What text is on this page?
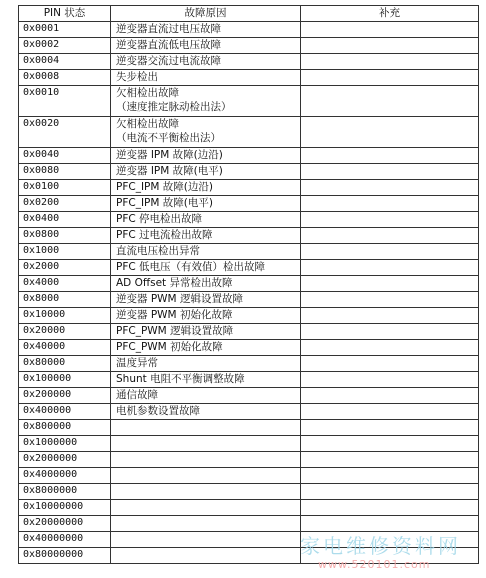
PIN 状态	故障原因	补充
0x0001	逆变器直流过电压故障	

0x0002	逆变器直流低电压故障	

0x0004	逆变器交流过电流故障	

0x0008	失步检出	

0x0010	欠相检出故障
（速度推定脉动检出法）	

0x0020	欠相检出故障
（电流不平衡检出法）	

0x0040	逆变器 IPM 故障(边沿)	

0x0080	逆变器 IPM 故障(电平)	

0x0100	PFC_IPM 故障(边沿)	

0x0200	PFC_IPM 故障(电平)	

0x0400	PFC 停电检出故障	

0x0800	PFC 过电流检出故障	

0x1000	直流电压检出异常	

0x2000	PFC 低电压（有效值）检出故障	

0x4000	AD Offset 异常检出故障	

0x8000	逆变器 PWM 逻辑设置故障	

0x10000	逆变器 PWM 初始化故障	

0x20000	PFC_PWM 逻辑设置故障	

0x40000	PFC_PWM 初始化故障	

0x80000	温度异常	

0x100000	Shunt 电阻不平衡调整故障	

0x200000	通信故障	

0x400000	电机参数设置故障	

0x800000		
0x1000000		
0x2000000		
0x4000000		
0x8000000		
0x10000000		
0x20000000		
0x40000000		
0x80000000			家电维修资料网
www.520101.com
